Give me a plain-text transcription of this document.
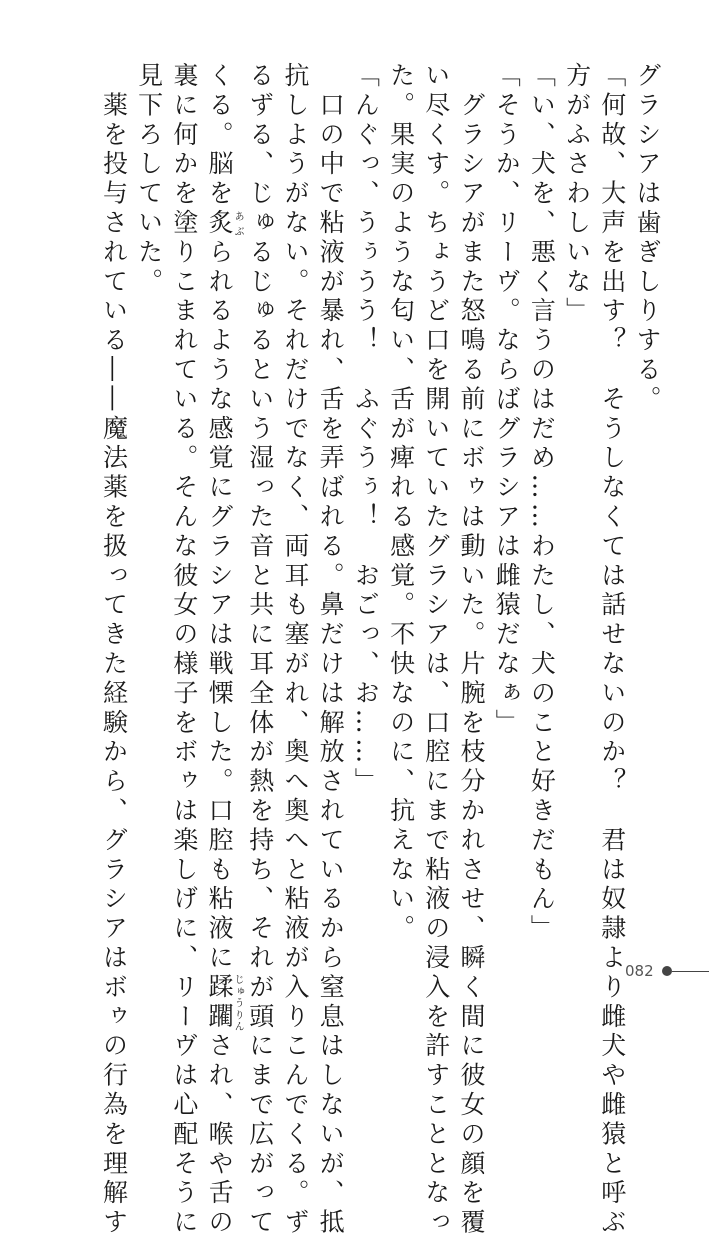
グラシアは歯ぎしりする。
「何故、大声を出す？　そうしなくては話せないのか？　君は奴隷より雌犬や雌猿と呼ぶ
方がふさわしいな」
「い、犬を、悪く言うのはだめ……わたし、犬のこと好きだもん」
「そうか、リーヴ。ならばグラシアは雌猿だなぁ」
　グラシアがまた怒鳴る前にボゥは動いた。片腕を枝分かれさせ、瞬く間に彼女の顔を覆
い尽くす。ちょうど口を開いていたグラシアは、口腔にまで粘液の浸入を許すこととなっ
た。果実のような匂い、舌が痺れる感覚。不快なのに、抗えない。
「んぐっ、うぅうう！　ふぐうぅ！　おごっ、お……」
　口の中で粘液が暴れ、舌を弄ばれる。鼻だけは解放されているから窒息はしないが、抵
抗しようがない。それだけでなく、両耳も塞がれ、奥へ奥へと粘液が入りこんでくる。ず
るずる、じゅるじゅるという湿った音と共に耳全体が熱を持ち、それが頭にまで広がって
くる。脳を炙あぶられるような感覚にグラシアは戦慄した。口腔も粘液に蹂躙じゅうりんされ、喉や舌の
裏に何かを塗りこまれている。そんな彼女の様子をボゥは楽しげに、リーヴは心配そうに
見下ろしていた。
　薬を投与されている――魔法薬を扱ってきた経験から、グラシアはボゥの行為を理解す	082
